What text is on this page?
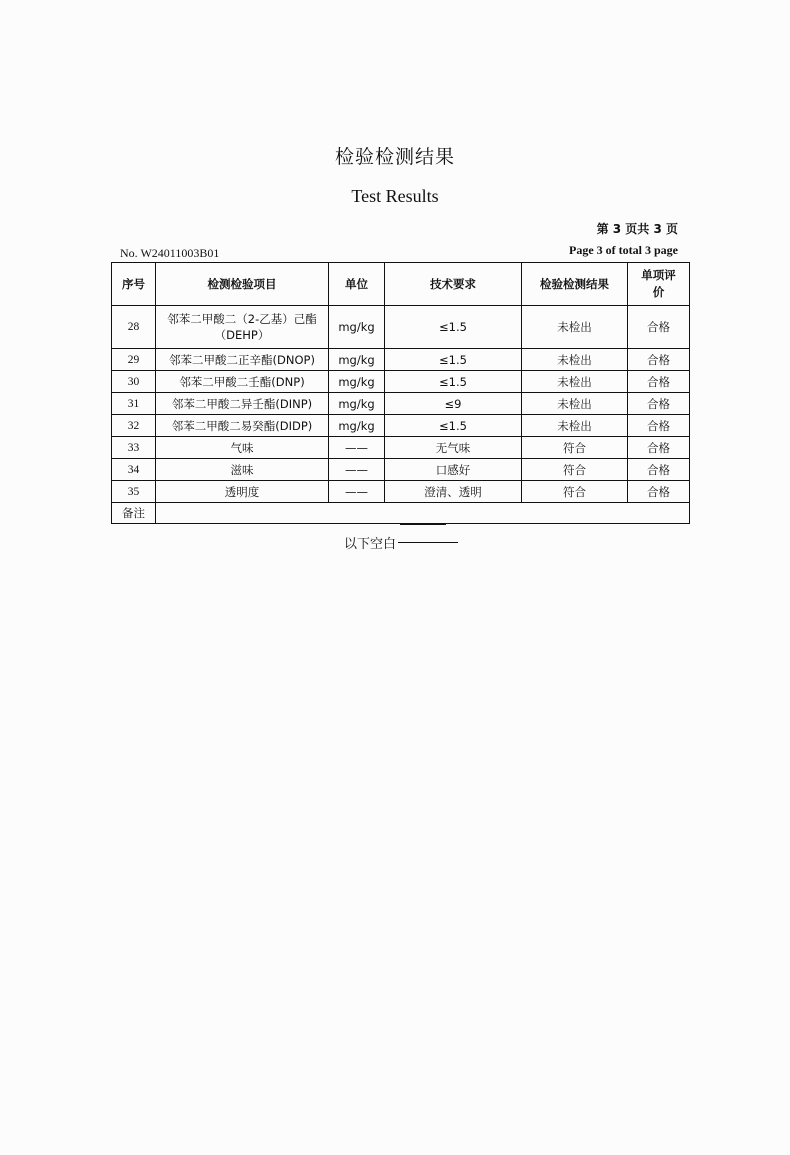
检验检测结果
Test Results
第 3 页共 3 页
No. W24011003B01	Page 3 of total 3 page
序号	检测检验项目	单位	技术要求	检验检测结果	单项评价
28	邻苯二甲酸二（2-乙基）己酯（DEHP）	mg/kg	≤1.5	未检出	合格
29	邻苯二甲酸二正辛酯(DNOP)	mg/kg	≤1.5	未检出	合格
30	邻苯二甲酸二壬酯(DNP)	mg/kg	≤1.5	未检出	合格
31	邻苯二甲酸二异壬酯(DINP)	mg/kg	≤9	未检出	合格
32	邻苯二甲酸二易癸酯(DIDP)	mg/kg	≤1.5	未检出	合格
33	气味	——	无气味	符合	合格
34	滋味	——	口感好	符合	合格
35	透明度	——	澄清、透明	符合	合格
备注					
以下空白
